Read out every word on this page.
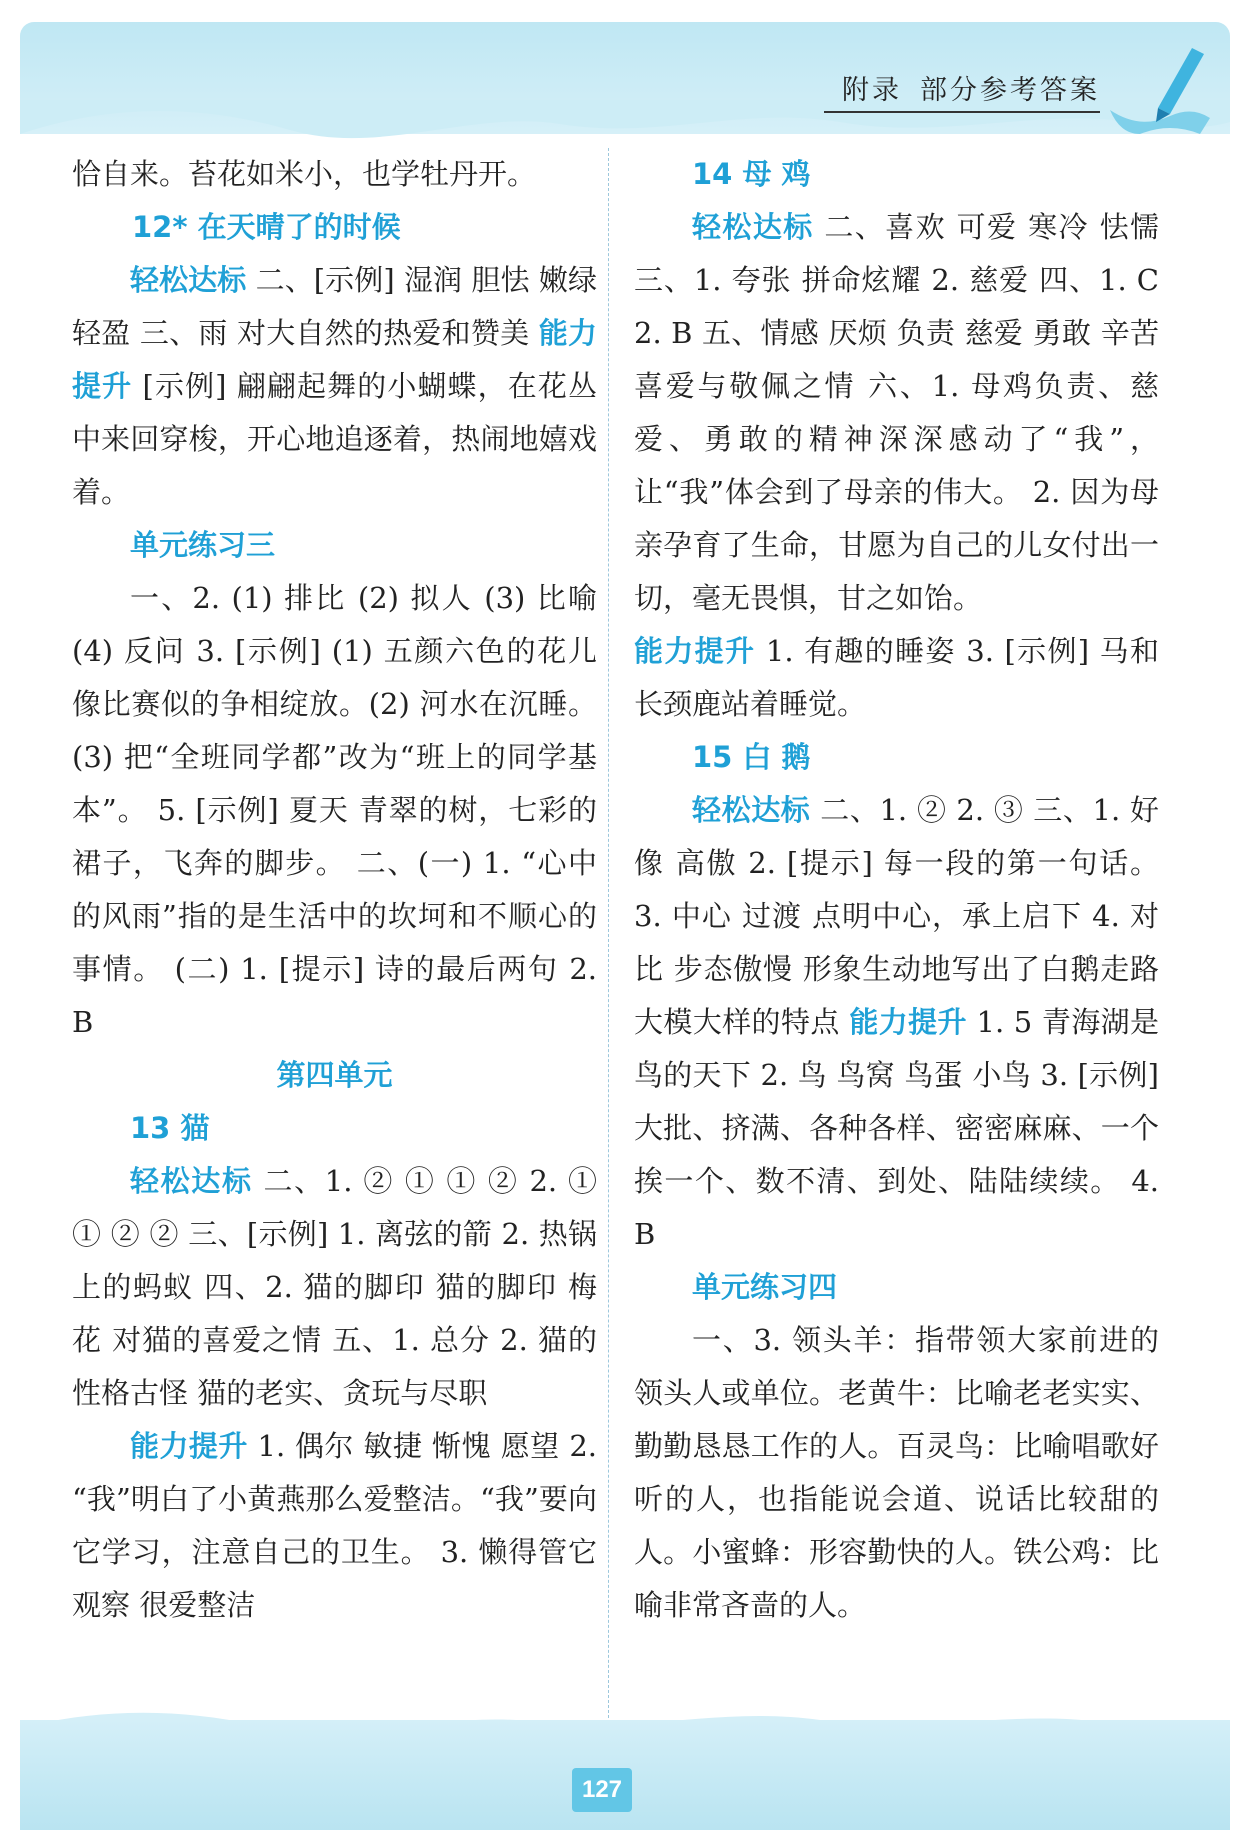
附录 部分参考答案

恰自来。苔花如米小，也学牡丹开。

12* 在天晴了的时候

轻松达标 二、[示例] 湿润 胆怯 嫩绿 轻盈 三、雨 对大自然的热爱和赞美 能力提升 [示例] 翩翩起舞的小蝴蝶，在花丛中来回穿梭，开心地追逐着，热闹地嬉戏着。

单元练习三

一、2. (1) 排比 (2) 拟人 (3) 比喻 (4) 反问 3. [示例] (1) 五颜六色的花儿像比赛似的争相绽放。(2) 河水在沉睡。 (3) 把“全班同学都”改为“班上的同学基本”。 5. [示例] 夏天 青翠的树，七彩的裙子，飞奔的脚步。 二、(一) 1. “心中的风雨”指的是生活中的坎坷和不顺心的事情。 (二) 1. [提示] 诗的最后两句 2. B

第四单元

13 猫

轻松达标 二、1. ② ① ① ② 2. ① ① ② ② 三、[示例] 1. 离弦的箭 2. 热锅上的蚂蚁 四、2. 猫的脚印 猫的脚印 梅花 对猫的喜爱之情 五、1. 总分 2. 猫的性格古怪 猫的老实、贪玩与尽职

能力提升 1. 偶尔 敏捷 惭愧 愿望 2. “我”明白了小黄燕那么爱整洁。“我”要向它学习，注意自己的卫生。 3. 懒得管它 观察 很爱整洁

14 母 鸡

轻松达标 二、喜欢 可爱 寒冷 怯懦 三、1. 夸张 拼命炫耀 2. 慈爱 四、1. C 2. B 五、情感 厌烦 负责 慈爱 勇敢 辛苦 喜爱与敬佩之情 六、1. 母鸡负责、慈爱、勇敢的精神深深感动了“我”，让“我”体会到了母亲的伟大。 2. 因为母亲孕育了生命，甘愿为自己的儿女付出一切，毫无畏惧，甘之如饴。

能力提升 1. 有趣的睡姿 3. [示例] 马和长颈鹿站着睡觉。

15 白 鹅

轻松达标 二、1. ② 2. ③ 三、1. 好像 高傲 2. [提示] 每一段的第一句话。 3. 中心 过渡 点明中心，承上启下 4. 对比 步态傲慢 形象生动地写出了白鹅走路大模大样的特点 能力提升 1. 5 青海湖是鸟的天下 2. 鸟 鸟窝 鸟蛋 小鸟 3. [示例] 大批、挤满、各种各样、密密麻麻、一个挨一个、数不清、到处、陆陆续续。 4. B

单元练习四

一、3. 领头羊：指带领大家前进的领头人或单位。老黄牛：比喻老老实实、勤勤恳恳工作的人。百灵鸟：比喻唱歌好听的人，也指能说会道、说话比较甜的人。小蜜蜂：形容勤快的人。铁公鸡：比喻非常吝啬的人。

127
